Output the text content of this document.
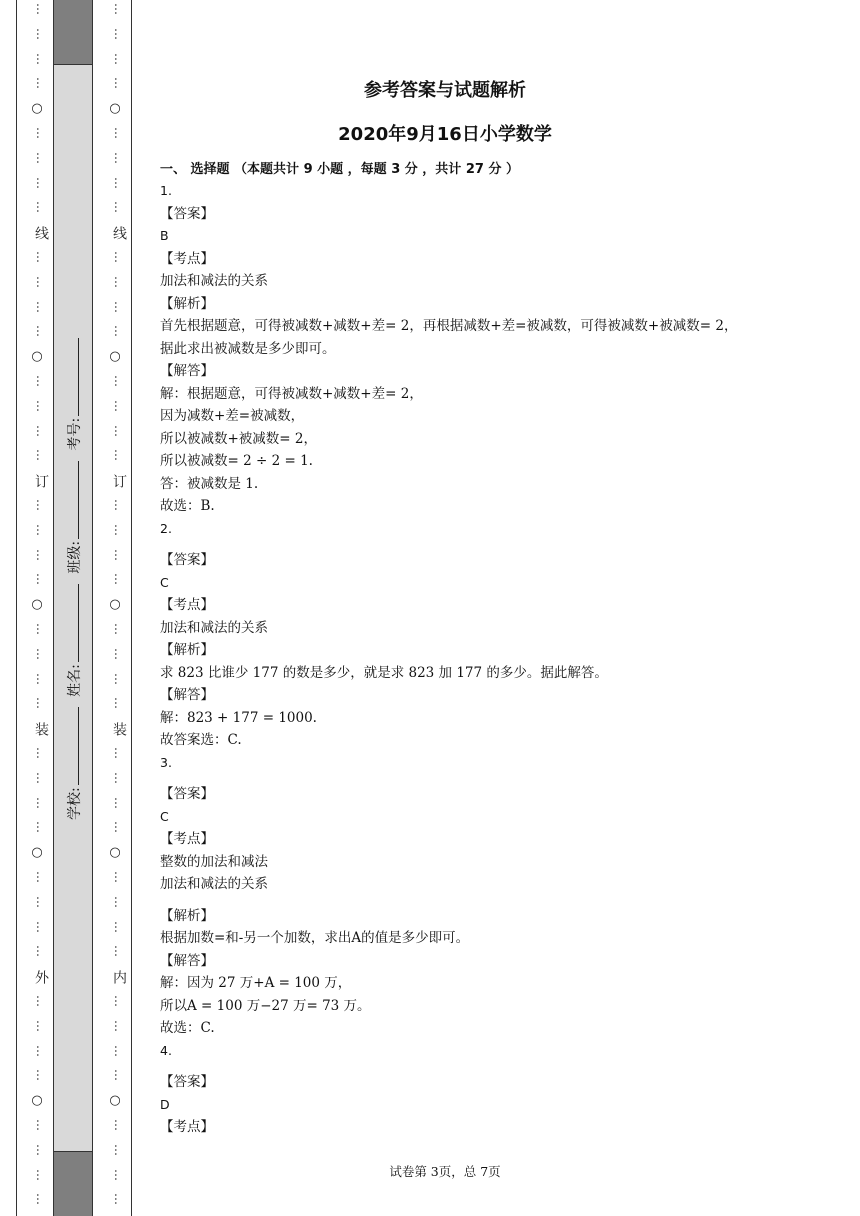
…
…
…
…
○
…
…
…
…
线
…
…
…
…
○
…
…
…
…
订
…
…
…
…
○
…
…
…
…
装
…
…
…
…
○
…
…
…
…
外
…
…
…
…
○
…
…
…
…
学校: 姓名: 班级: 考号:
…
…
…
…
○
…
…
…
…
线
…
…
…
…
○
…
…
…
…
订
…
…
…
…
○
…
…
…
…
装
…
…
…
…
○
…
…
…
…
内
…
…
…
…
○
…
…
…
…
参考答案与试题解析
2020年9月16日小学数学
一、 选择题 （本题共计 9 小题 ，每题 3 分 ，共计 27 分 ）
1.
【答案】
B
【考点】
加法和减法的关系
【解析】
首先根据题意，可得被减数+减数+差= 2，再根据减数+差=被减数，可得被减数+被减数= 2，据此求出被减数是多少即可。
【解答】
解：根据题意，可得被减数+减数+差= 2，
因为减数+差=被减数，
所以被减数+被减数= 2，
所以被减数= 2 ÷ 2 = 1.
答：被减数是 1.
故选：B.
2.
【答案】
C
【考点】
加法和减法的关系
【解析】
求 823 比谁少 177 的数是多少，就是求 823 加 177 的多少。据此解答。
【解答】
解：823 + 177 = 1000.
故答案选：C.
3.
【答案】
C
【考点】
整数的加法和减法
加法和减法的关系
【解析】
根据加数=和-另一个加数，求出A的值是多少即可。
【解答】
解：因为 27 万+A = 100 万，
所以A = 100 万−27 万= 73 万。
故选：C.
4.
【答案】
D
【考点】
试卷第 3页，总 7页
